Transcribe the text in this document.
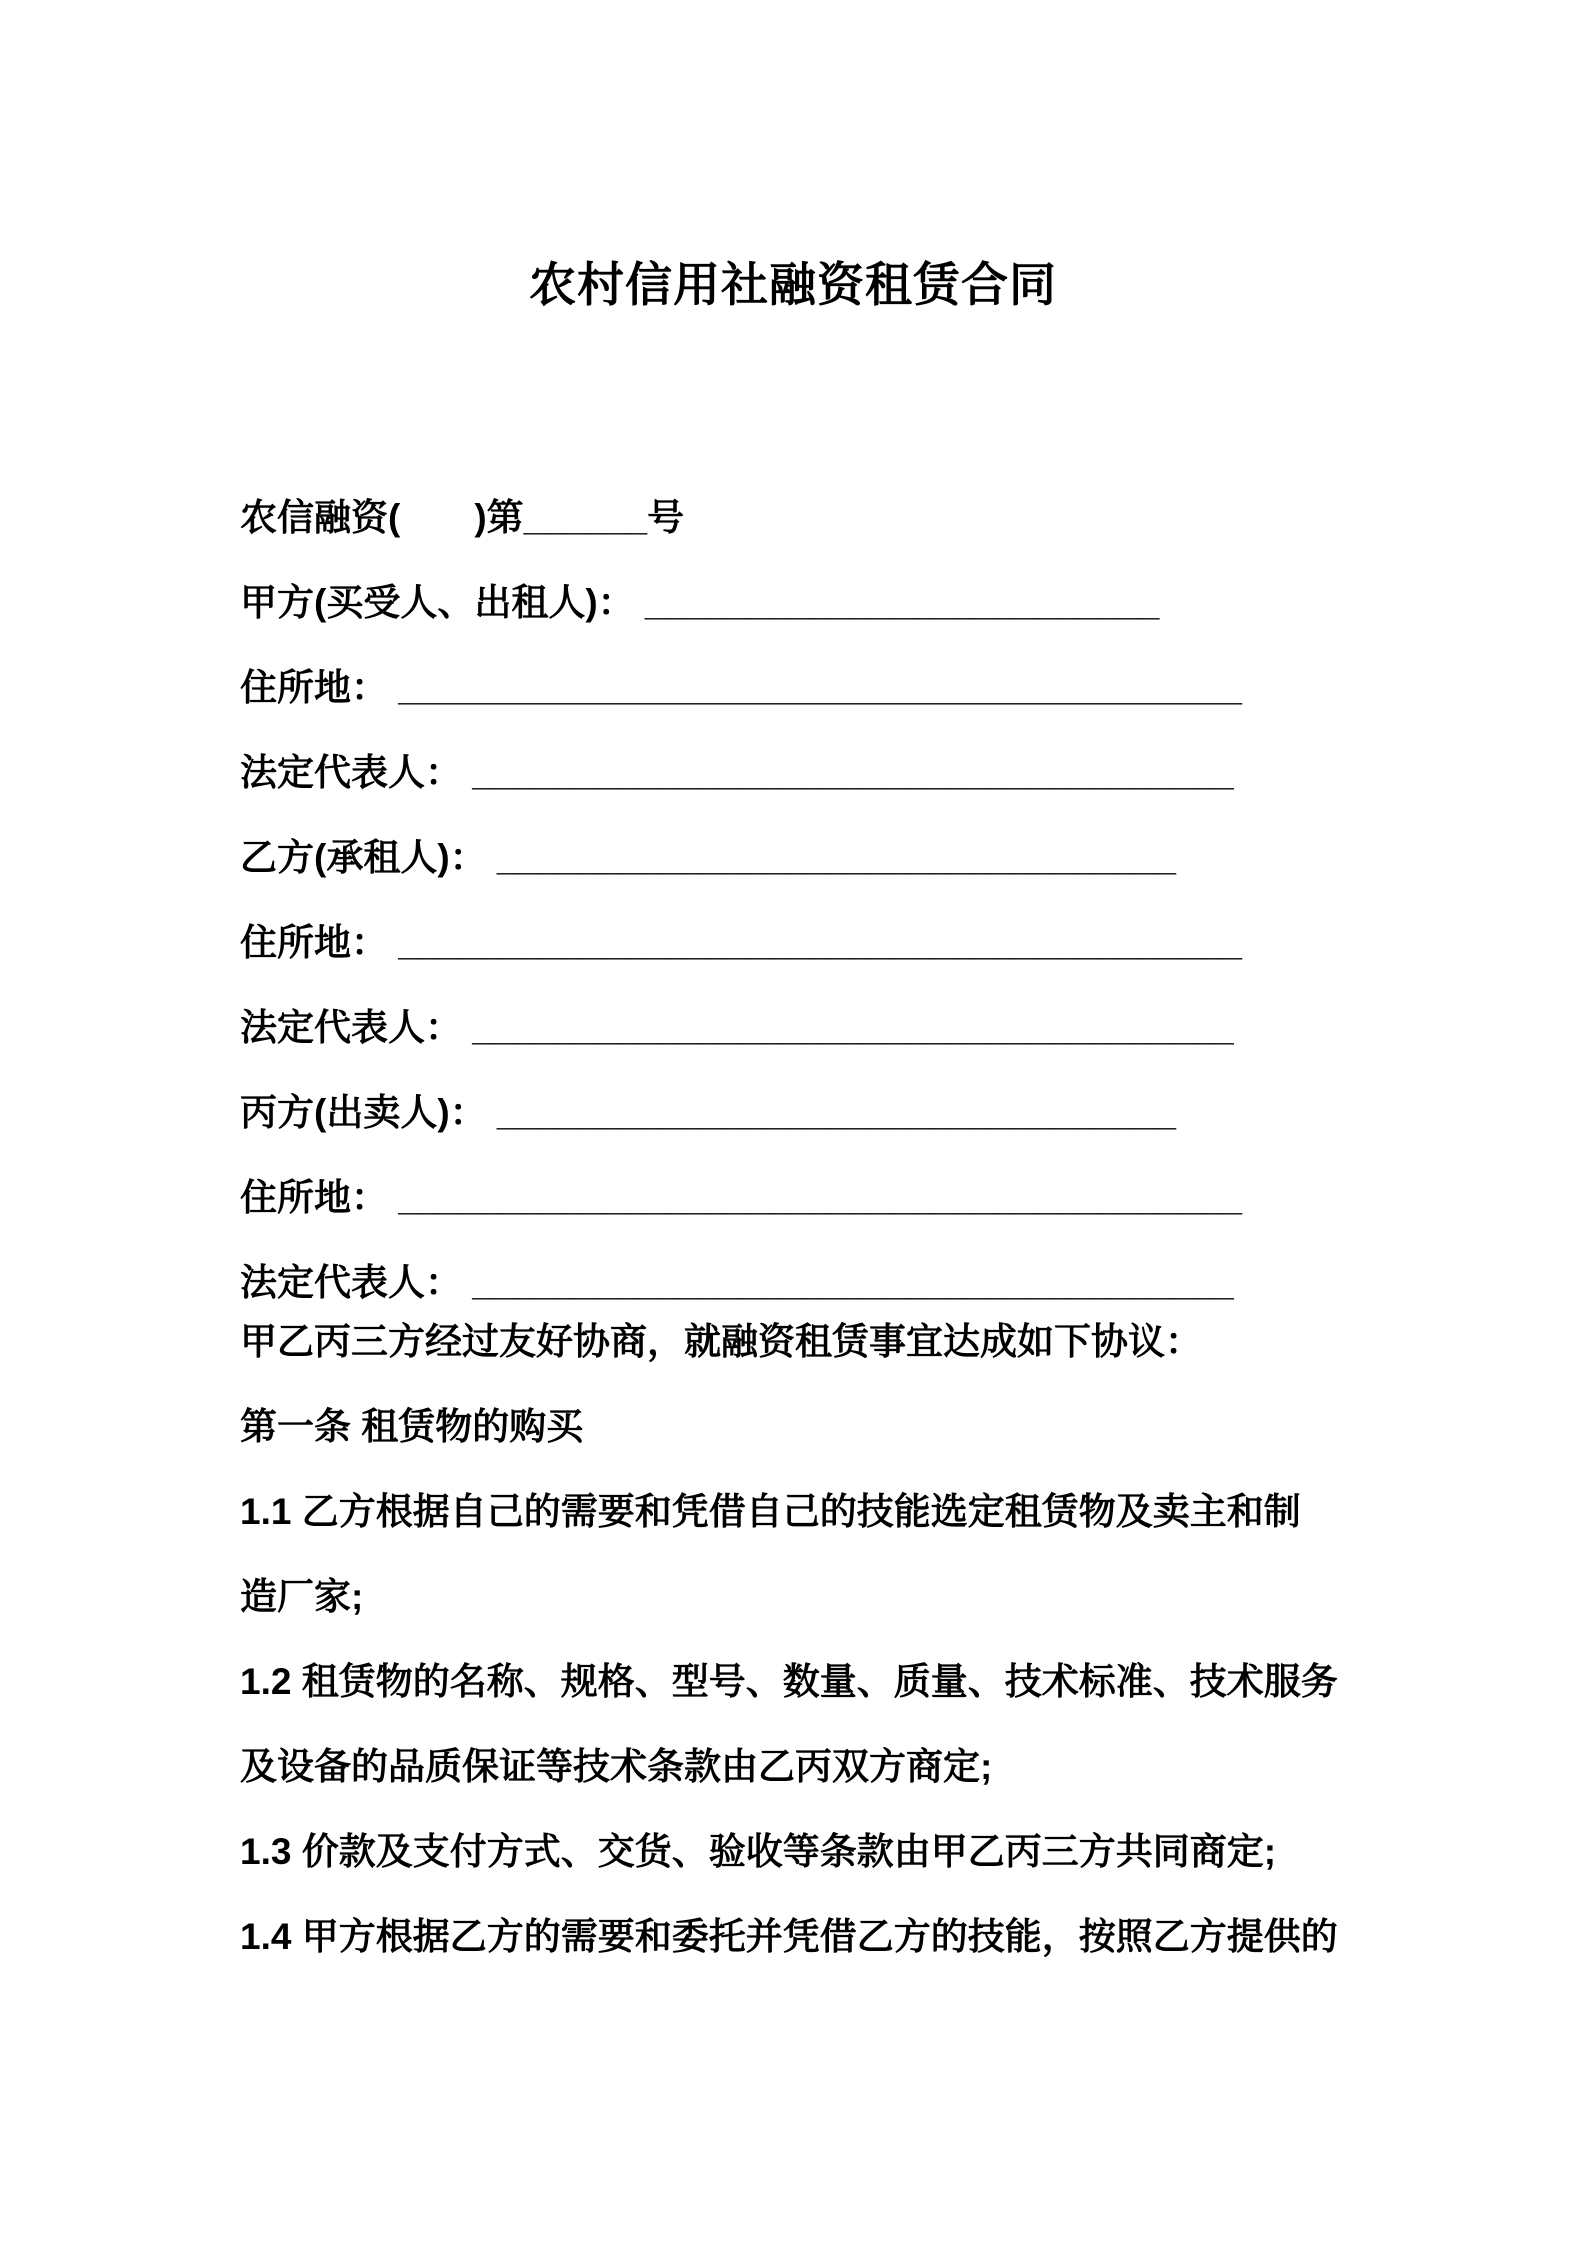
农村信用社融资租赁合同
农信融资(　　)第______号
甲方(买受人、出租人)： _________________________
住所地： _________________________________________
法定代表人： _____________________________________
乙方(承租人)： _________________________________
住所地： _________________________________________
法定代表人： _____________________________________
丙方(出卖人)： _________________________________
住所地： _________________________________________
法定代表人： _____________________________________
甲乙丙三方经过友好协商，就融资租赁事宜达成如下协议：
第一条 租赁物的购买
1.1 乙方根据自己的需要和凭借自己的技能选定租赁物及卖主和制
造厂家;
1.2 租赁物的名称、规格、型号、数量、质量、技术标准、技术服务
及设备的品质保证等技术条款由乙丙双方商定;
1.3 价款及支付方式、交货、验收等条款由甲乙丙三方共同商定;
1.4 甲方根据乙方的需要和委托并凭借乙方的技能，按照乙方提供的
